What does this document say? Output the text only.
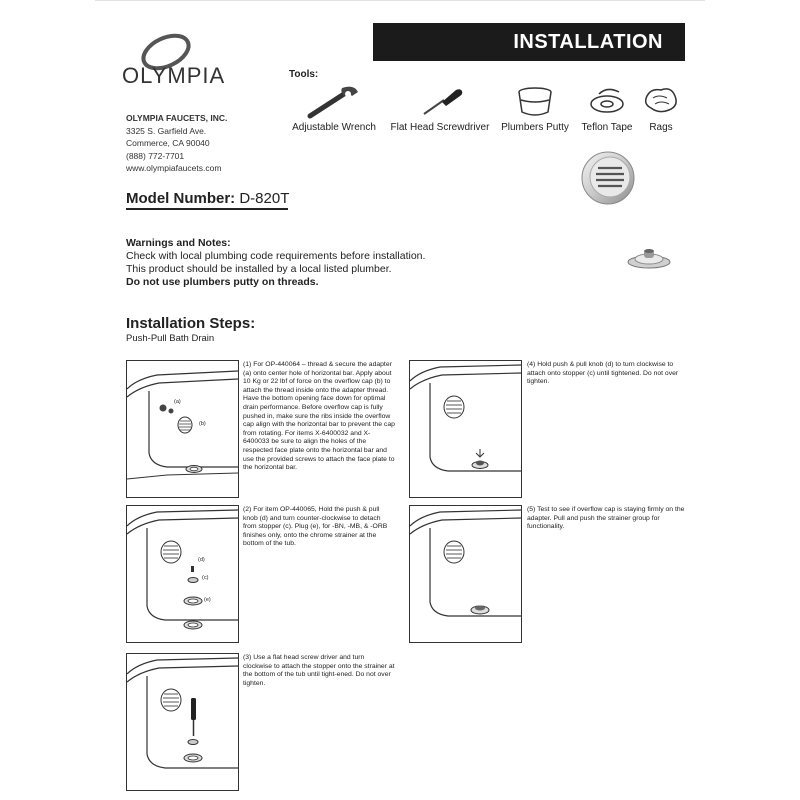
INSTALLATION
OLYMPIA
OLYMPIA FAUCETS, INC.
3325 S. Garfield Ave.
Commerce, CA 90040
(888) 772-7701
www.olympiafaucets.com
Tools:
Adjustable Wrench	Flat Head Screwdriver	Plumbers Putty	Teflon Tape	Rags
Model Number: D-820T
Warnings and Notes:
Check with local plumbing code requirements before installation.
This product should be installed by a local listed plumber.
Do not use plumbers putty on threads.
Installation Steps:
Push-Pull Bath Drain
(a)
(b)
(1) For OP-440064 – thread & secure the adapter (a) onto center hole of horizontal bar. Apply about 10 Kg or 22 lbf of force on the overflow cap (b) to attach the thread inside onto the adapter thread. Have the bottom opening face down for optimal drain performance. Before overflow cap is fully pushed in, make sure the ribs inside the overflow cap align with the horizontal bar to prevent the cap from rotating. For items X-6400032 and X-6400033 be sure to align the holes of the respected face plate onto the horizontal bar and use the provided screws to attach the face plate to the horizontal bar.
(4) Hold push & pull knob (d) to turn clockwise to attach onto stopper (c) until tightened. Do not over tighten.
(d)
(c)
(e)
(2) For item OP-440065, Hold the push & pull knob (d) and turn counter-clockwise to detach from stopper (c). Plug (e), for -BN, -MB, & -ORB finishes only, onto the chrome strainer at the bottom of the tub.
(5) Test to see if overflow cap is staying firmly on the adapter. Pull and push the strainer group for functionality.
(3) Use a flat head screw driver and turn clockwise to attach the stopper onto the strainer at the bottom of the tub until tight-ened. Do not over tighten.
